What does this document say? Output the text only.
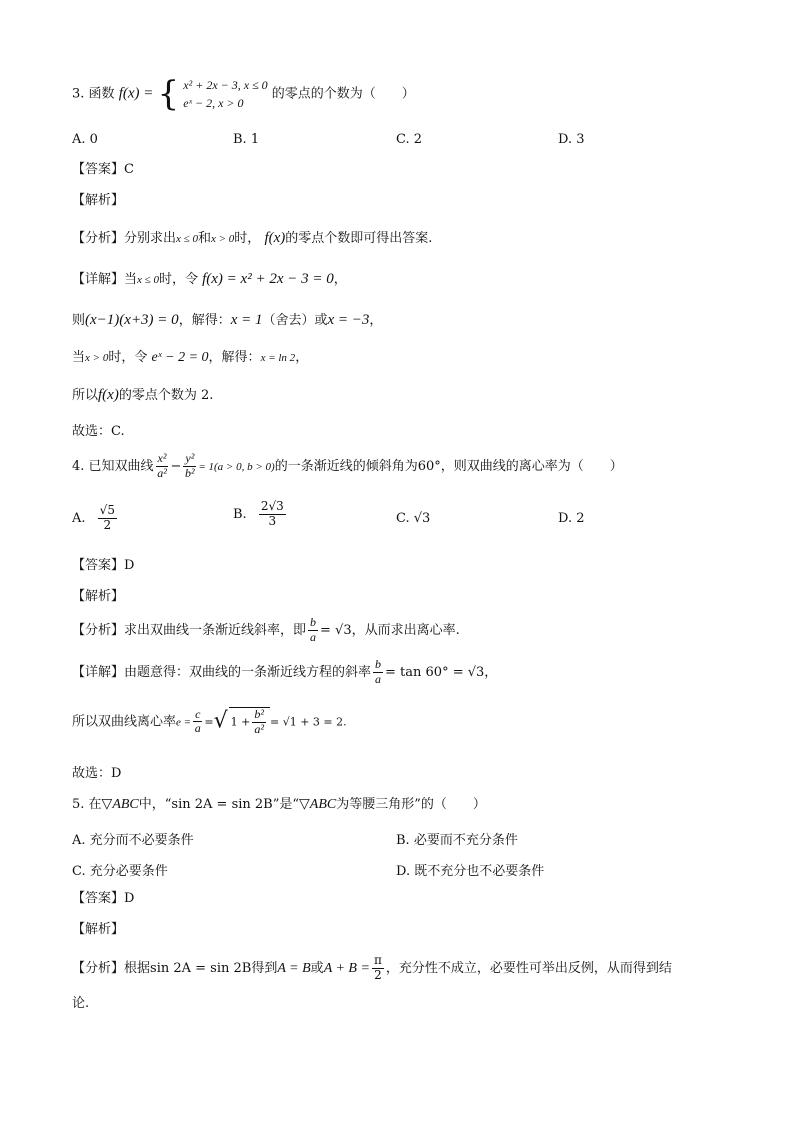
3. 函数 f(x) = { x² + 2x − 3, x ≤ 0
eˣ − 2, x > 0
的零点的个数为（　　）
A. 0	B. 1	C. 2	D. 3
【答案】C
【解析】
【分析】分别求出x ≤ 0和x > 0时， f(x)的零点个数即可得出答案.
【详解】当x ≤ 0时，令 f(x) = x² + 2x − 3 = 0，
则(x−1)(x+3) = 0，解得：x = 1（舍去）或x = −3，
当x > 0时，令 eˣ − 2 = 0，解得：x = ln 2，
所以f(x)的零点个数为 2.
故选：C.
4. 已知双曲线 $\frac{\text{x²}}{\text{a²}} - \frac{\text{y²}}{\text{b²}} = 1(a > 0$, b > 0)的一条渐近线的倾斜角为60°，则双曲线的离心率为（　　）
A. $\frac{√5}{2}$	B. $\frac{2√3}{3}$	C. √3	D. 2
【答案】D
【解析】
【分析】求出双曲线一条渐近线斜率，即 $\frac{b}{a} = √3$，从而求出离心率.
【详解】由题意得：双曲线的一条渐近线方程的斜率 $\frac{b}{a} = \tan 60^\circ = √3$，
所以双曲线离心率$e = \frac{c}{a}$ =√ $1 + \frac{\text{b²}}{\text{a²}} = √1 + 3 = 2$.
故选：D
5. 在▽ABC中，“sin 2A = sin 2B”是“▽ABC为等腰三角形”的（　　）
A. 充分而不必要条件	B. 必要而不充分条件
C. 充分必要条件	D. 既不充分也不必要条件
【答案】D
【解析】
【分析】根据sin 2A = sin 2B得到A = B或$A + B = \frac{\pi}{2}$ ，充分性不成立，必要性可举出反例，从而得到结
论.
